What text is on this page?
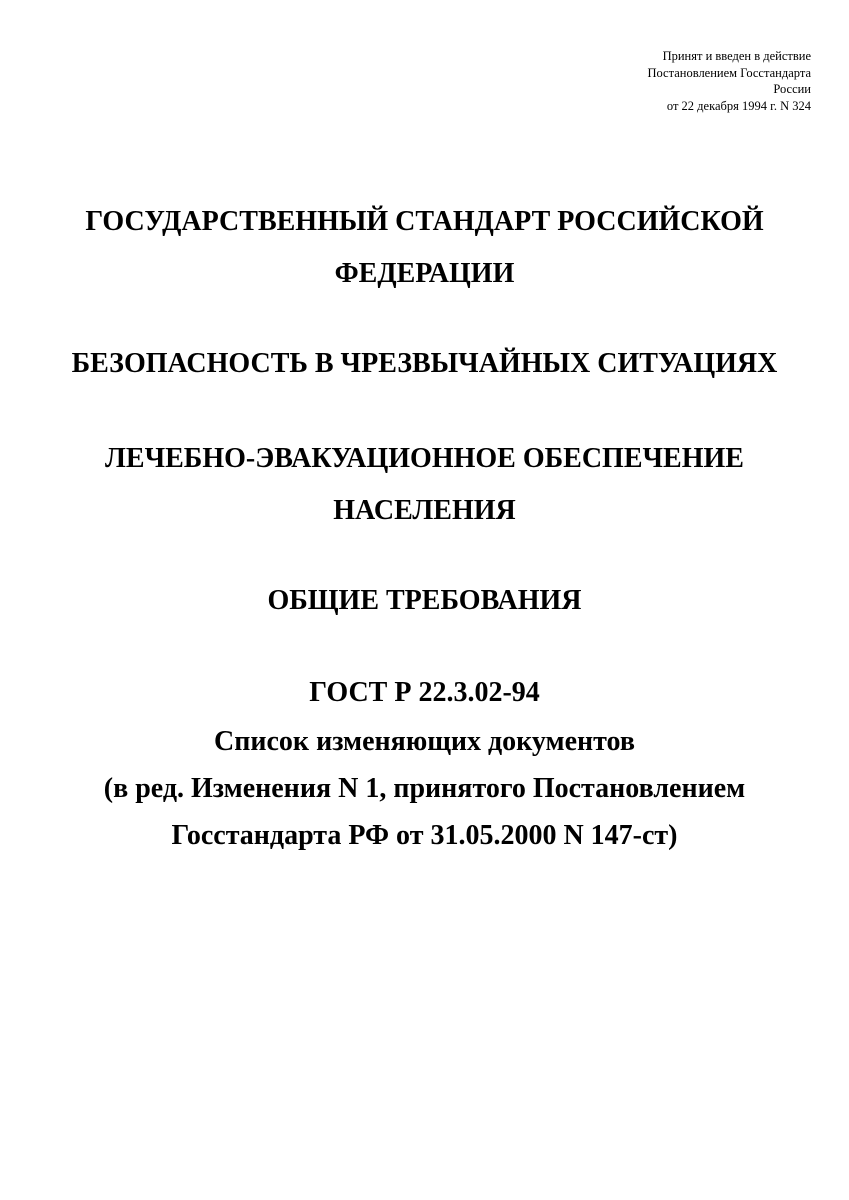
Принят и введен в действие
Постановлением Госстандарта
России
от 22 декабря 1994 г. N 324
ГОСУДАРСТВЕННЫЙ СТАНДАРТ РОССИЙСКОЙ
ФЕДЕРАЦИИ
БЕЗОПАСНОСТЬ В ЧРЕЗВЫЧАЙНЫХ СИТУАЦИЯХ
ЛЕЧЕБНО-ЭВАКУАЦИОННОЕ ОБЕСПЕЧЕНИЕ
НАСЕЛЕНИЯ
ОБЩИЕ ТРЕБОВАНИЯ
ГОСТ Р 22.3.02-94
Список изменяющих документов
(в ред. Изменения N 1, принятого Постановлением
Госстандарта РФ от 31.05.2000 N 147-ст)
